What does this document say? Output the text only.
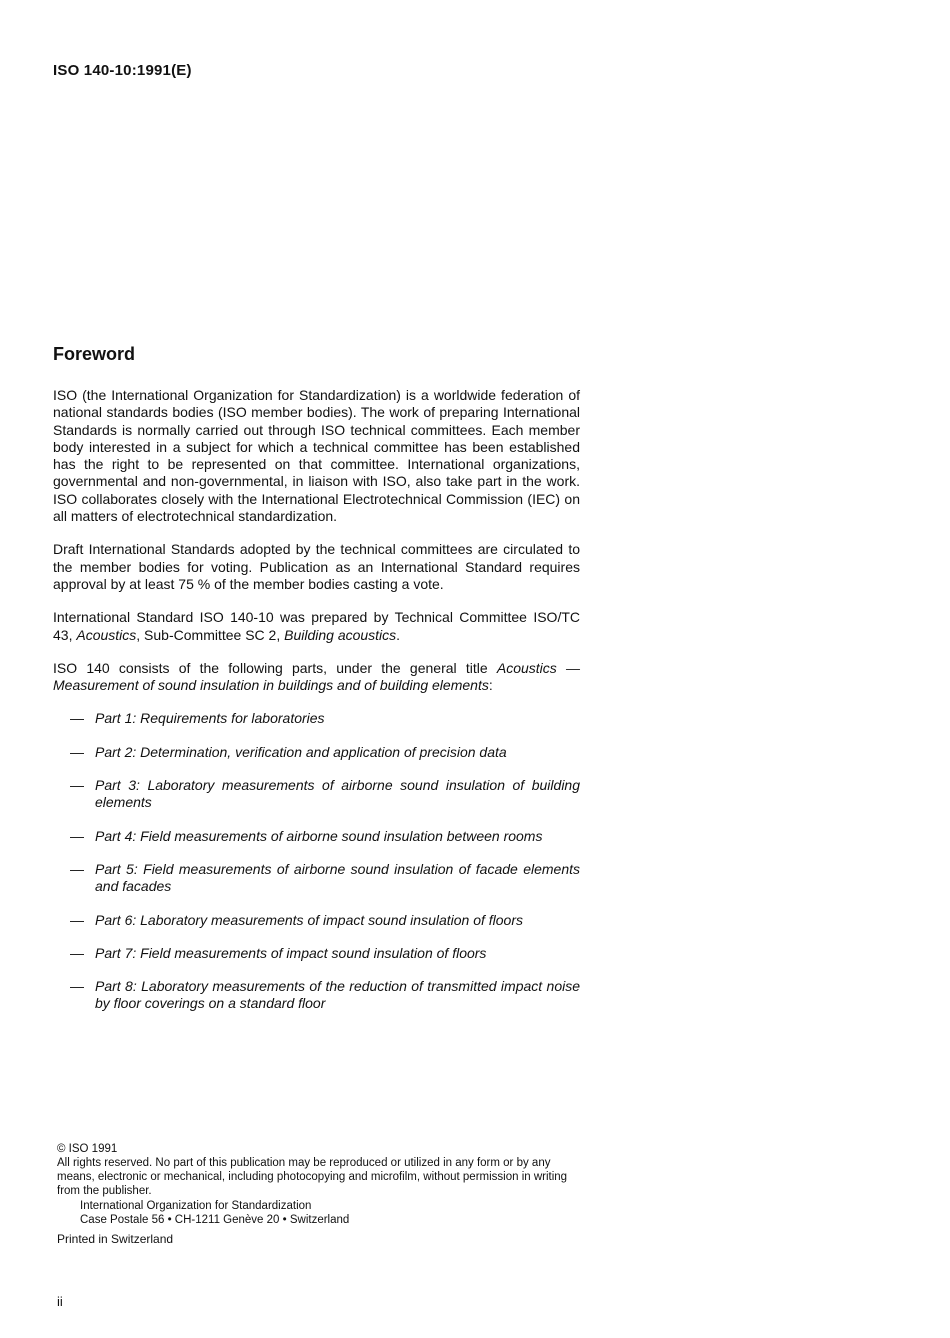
ISO 140-10:1991(E)
Foreword

ISO (the International Organization for Standardization) is a worldwide federation of national standards bodies (ISO member bodies). The work of preparing International Standards is normally carried out through ISO technical committees. Each member body interested in a subject for which a technical committee has been established has the right to be represented on that committee. International organizations, governmental and non-governmental, in liaison with ISO, also take part in the work. ISO collaborates closely with the International Electrotechnical Commission (IEC) on all matters of electrotechnical standardization.

Draft International Standards adopted by the technical committees are circulated to the member bodies for voting. Publication as an International Standard requires approval by at least 75 % of the member bodies casting a vote.

International Standard ISO 140-10 was prepared by Technical Committee ISO/TC 43, Acoustics, Sub-Committee SC 2, Building acoustics.

ISO 140 consists of the following parts, under the general title Acoustics — Measurement of sound insulation in buildings and of building elements:

— Part 1: Requirements for laboratories
— Part 2: Determination, verification and application of precision data
— Part 3: Laboratory measurements of airborne sound insulation of building elements
— Part 4: Field measurements of airborne sound insulation between rooms
— Part 5: Field measurements of airborne sound insulation of facade elements and facades
— Part 6: Laboratory measurements of impact sound insulation of floors
— Part 7: Field measurements of impact sound insulation of floors
— Part 8: Laboratory measurements of the reduction of transmitted impact noise by floor coverings on a standard floor

© ISO 1991

All rights reserved. No part of this publication may be reproduced or utilized in any form or by any means, electronic or mechanical, including photocopying and microfilm, without permission in writing from the publisher.

International Organization for Standardization
Case Postale 56 • CH-1211 Genève 20 • Switzerland
Printed in Switzerland
ii
